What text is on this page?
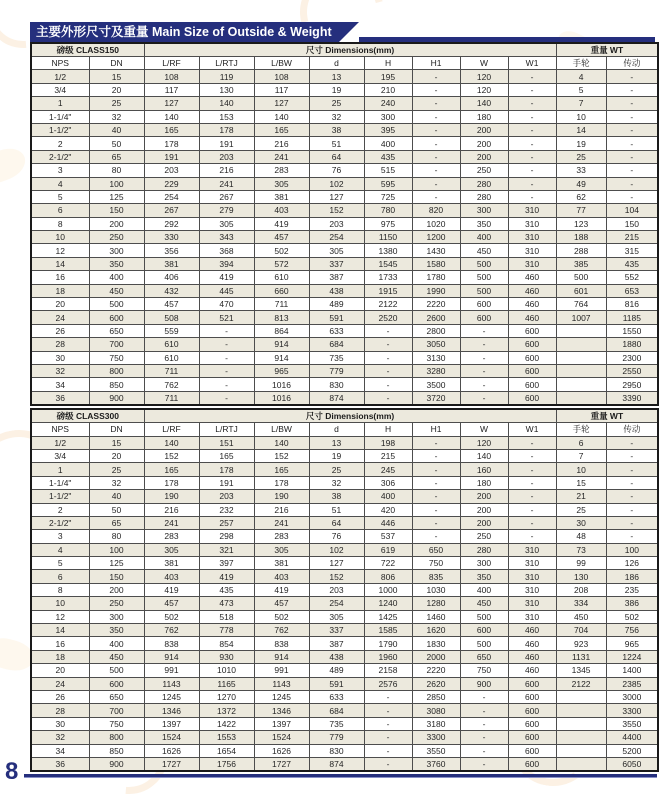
主要外形尺寸及重量 Main Size of Outside & Weight
磅级 CLASS150		尺寸 Dimensions(mm)								重量 WT	
NPS	DN	L/RF	L/RTJ	L/BW	d	H	H1	W	W1	手轮	传动
1/2	15	108	119	108	13	195	-	120	-	4	-
3/4	20	117	130	117	19	210	-	120	-	5	-
1	25	127	140	127	25	240	-	140	-	7	-
1-1/4"	32	140	153	140	32	300	-	180	-	10	-
1-1/2"	40	165	178	165	38	395	-	200	-	14	-
2	50	178	191	216	51	400	-	200	-	19	-
2-1/2"	65	191	203	241	64	435	-	200	-	25	-
3	80	203	216	283	76	515	-	250	-	33	-
4	100	229	241	305	102	595	-	280	-	49	-
5	125	254	267	381	127	725	-	280	-	62	-
6	150	267	279	403	152	780	820	300	310	77	104
8	200	292	305	419	203	975	1020	350	310	123	150
10	250	330	343	457	254	1150	1200	400	310	188	215
12	300	356	368	502	305	1380	1430	450	310	288	315
14	350	381	394	572	337	1545	1580	500	310	385	435
16	400	406	419	610	387	1733	1780	500	460	500	552
18	450	432	445	660	438	1915	1990	500	460	601	653
20	500	457	470	711	489	2122	2220	600	460	764	816
24	600	508	521	813	591	2520	2600	600	460	1007	1185
26	650	559	-	864	633	-	2800	-	600		1550
28	700	610	-	914	684	-	3050	-	600		1880
30	750	610	-	914	735	-	3130	-	600		2300
32	800	711	-	965	779	-	3280	-	600		2550
34	850	762	-	1016	830	-	3500	-	600		2950
36	900	711	-	1016	874	-	3720	-	600		3390
磅级 CLASS300		尺寸 Dimensions(mm)								重量 WT	
NPS	DN	L/RF	L/RTJ	L/BW	d	H	H1	W	W1	手轮	传动
1/2	15	140	151	140	13	198	-	120	-	6	-
3/4	20	152	165	152	19	215	-	140	-	7	-
1	25	165	178	165	25	245	-	160	-	10	-
1-1/4"	32	178	191	178	32	306	-	180	-	15	-
1-1/2"	40	190	203	190	38	400	-	200	-	21	-
2	50	216	232	216	51	420	-	200	-	25	-
2-1/2"	65	241	257	241	64	446	-	200	-	30	-
3	80	283	298	283	76	537	-	250	-	48	-
4	100	305	321	305	102	619	650	280	310	73	100
5	125	381	397	381	127	722	750	300	310	99	126
6	150	403	419	403	152	806	835	350	310	130	186
8	200	419	435	419	203	1000	1030	400	310	208	235
10	250	457	473	457	254	1240	1280	450	310	334	386
12	300	502	518	502	305	1425	1460	500	310	450	502
14	350	762	778	762	337	1585	1620	600	460	704	756
16	400	838	854	838	387	1790	1830	500	460	923	965
18	450	914	930	914	438	1960	2000	650	460	1131	1224
20	500	991	1010	991	489	2158	2220	750	460	1345	1400
24	600	1143	1165	1143	591	2576	2620	900	600	2122	2385
26	650	1245	1270	1245	633	-	2850	-	600		3000
28	700	1346	1372	1346	684	-	3080	-	600		3300
30	750	1397	1422	1397	735	-	3180	-	600		3550
32	800	1524	1553	1524	779	-	3300	-	600		4400
34	850	1626	1654	1626	830	-	3550	-	600		5200
36	900	1727	1756	1727	874	-	3760	-	600		6050
8
